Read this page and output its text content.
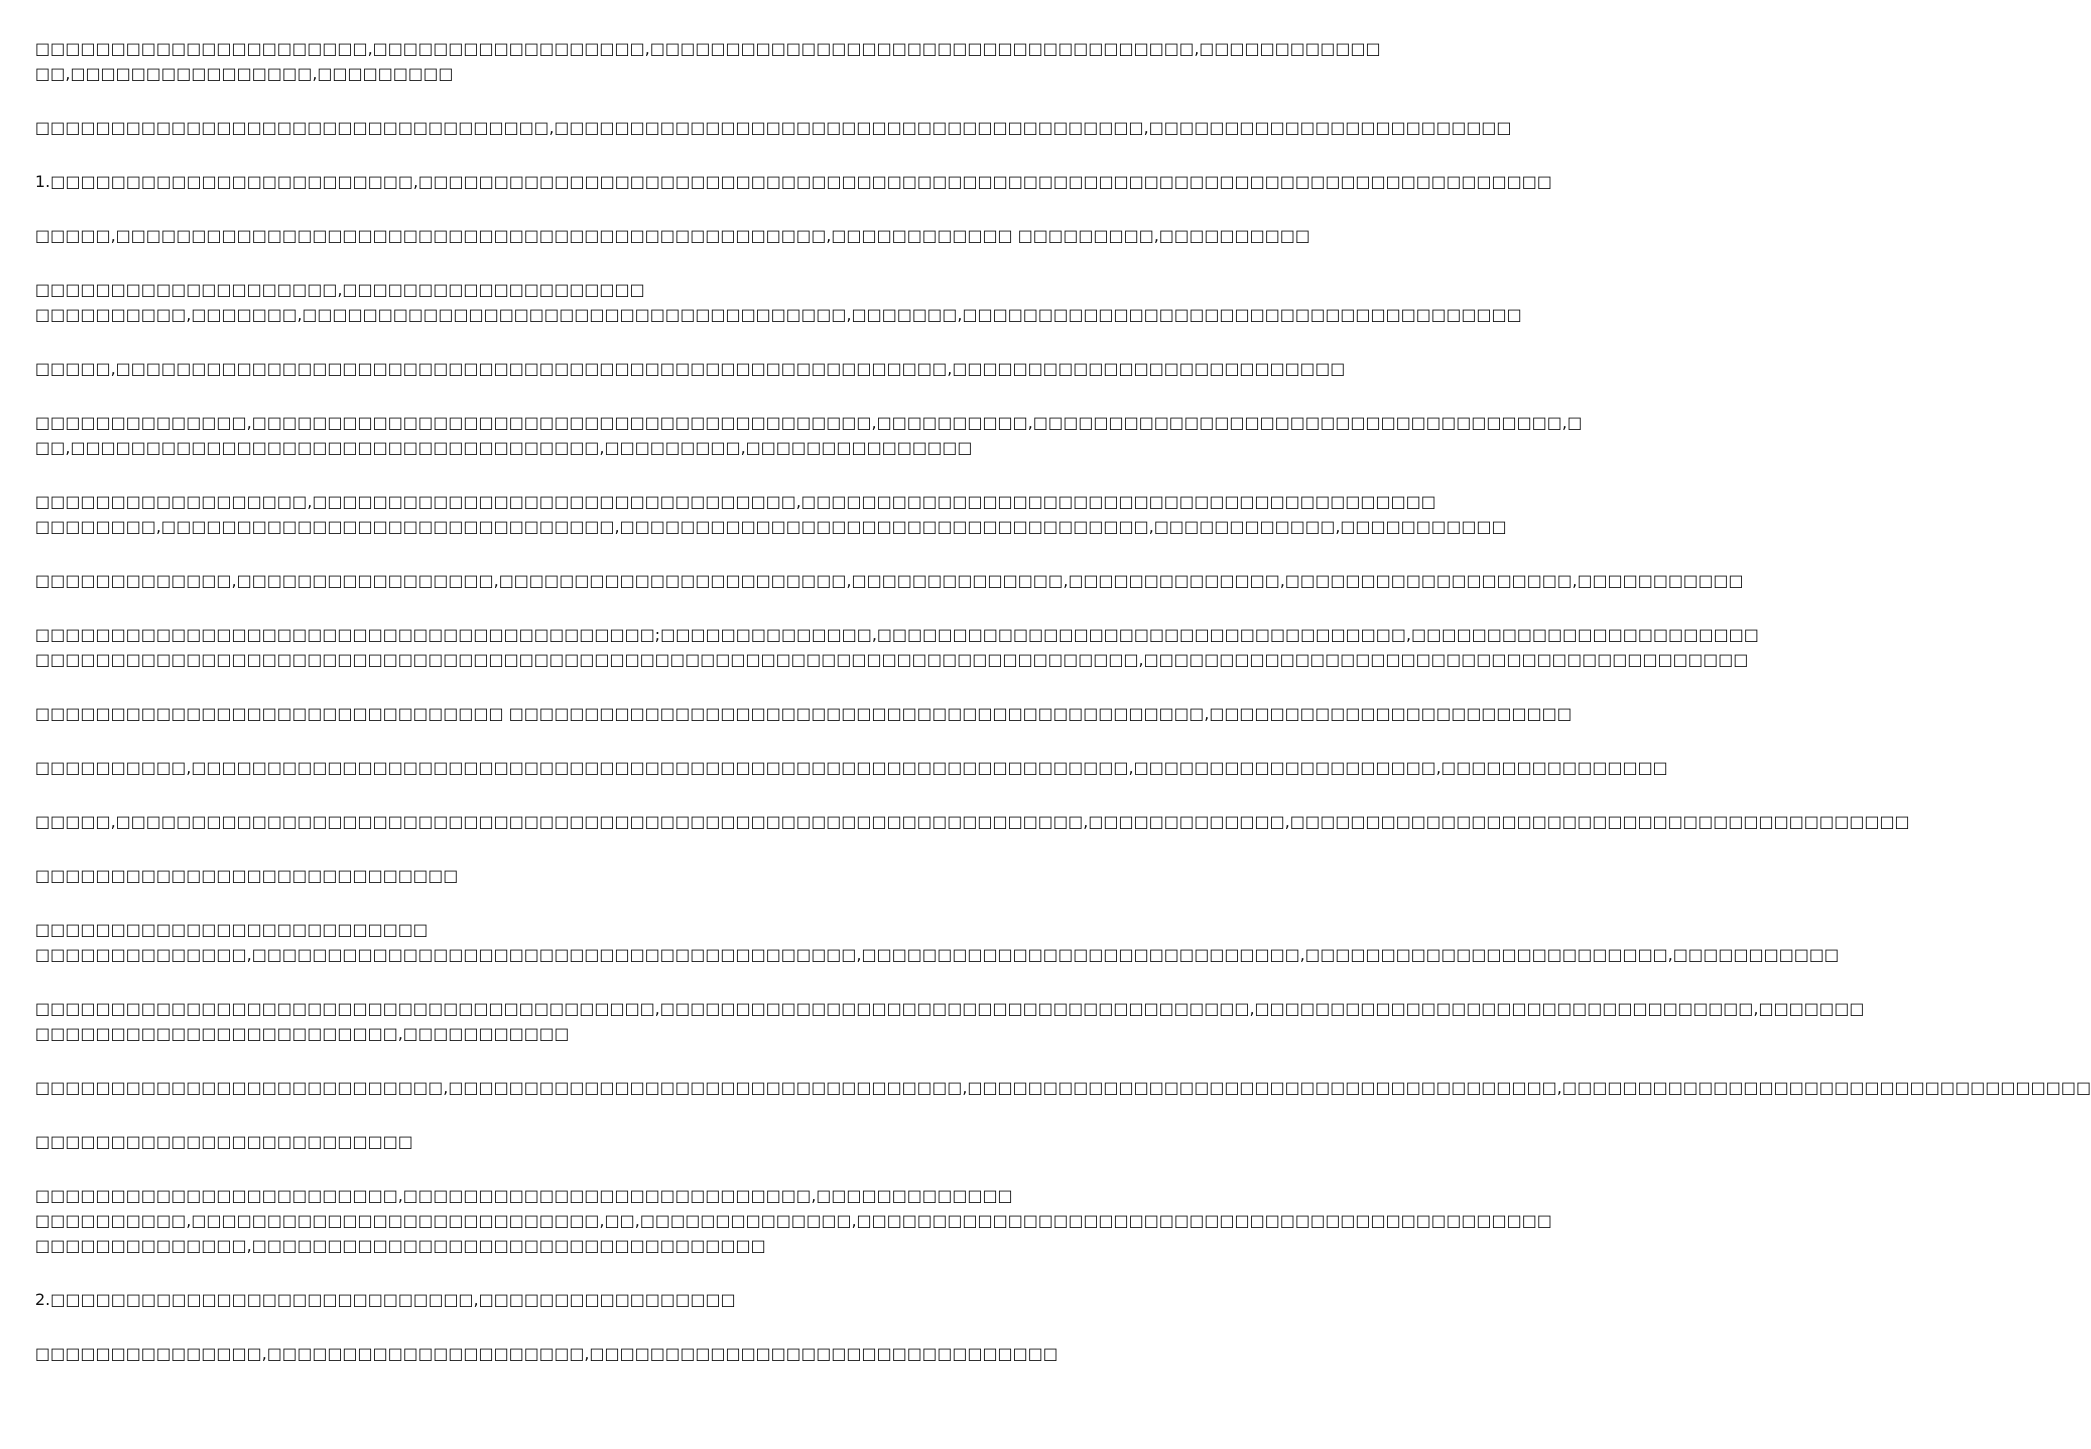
□□□□□□□□□□□□□□□□□□□□□□,□□□□□□□□□□□□□□□□□□,□□□□□□□□□□□□□□□□□□□□□□□□□□□□□□□□□□□□,□□□□□□□□□□□□
□□,□□□□□□□□□□□□□□□□,□□□□□□□□□

□□□□□□□□□□□□□□□□□□□□□□□□□□□□□□□□□□,□□□□□□□□□□□□□□□□□□□□□□□□□□□□□□□□□□□□□□□,□□□□□□□□□□□□□□□□□□□□□□□□

1.□□□□□□□□□□□□□□□□□□□□□□□□,□□□□□□□□□□□□□□□□□□□□□□□□□□□□□□□□□□□□□□□□□□□□□□□□□□□□□□□□□□□□□□□□□□□□□□□□□□□

□□□□□,□□□□□□□□□□□□□□□□□□□□□□□□□□□□□□□□□□□□□□□□□□□□□□□,□□□□□□□□□□□□ □□□□□□□□□,□□□□□□□□□□

□□□□□□□□□□□□□□□□□□□□,□□□□□□□□□□□□□□□□□□□□
□□□□□□□□□□,□□□□□□□,□□□□□□□□□□□□□□□□□□□□□□□□□□□□□□□□□□□□,□□□□□□□,□□□□□□□□□□□□□□□□□□□□□□□□□□□□□□□□□□□□□

□□□□□,□□□□□□□□□□□□□□□□□□□□□□□□□□□□□□□□□□□□□□□□□□□□□□□□□□□□□□□,□□□□□□□□□□□□□□□□□□□□□□□□□□

□□□□□□□□□□□□□□,□□□□□□□□□□□□□□□□□□□□□□□□□□□□□□□□□□□□□□□□□,□□□□□□□□□□,□□□□□□□□□□□□□□□□□□□□□□□□□□□□□□□□□□□,□
□□,□□□□□□□□□□□□□□□□□□□□□□□□□□□□□□□□□□□,□□□□□□□□□,□□□□□□□□□□□□□□□

□□□□□□□□□□□□□□□□□□,□□□□□□□□□□□□□□□□□□□□□□□□□□□□□□□□,□□□□□□□□□□□□□□□□□□□□□□□□□□□□□□□□□□□□□□□□□□
□□□□□□□□,□□□□□□□□□□□□□□□□□□□□□□□□□□□□□□,□□□□□□□□□□□□□□□□□□□□□□□□□□□□□□□□□□□,□□□□□□□□□□□□,□□□□□□□□□□□

□□□□□□□□□□□□□,□□□□□□□□□□□□□□□□□,□□□□□□□□□□□□□□□□□□□□□□□,□□□□□□□□□□□□□□,□□□□□□□□□□□□□□,□□□□□□□□□□□□□□□□□□□,□□□□□□□□□□□

□□□□□□□□□□□□□□□□□□□□□□□□□□□□□□□□□□□□□□□□□;□□□□□□□□□□□□□□,□□□□□□□□□□□□□□□□□□□□□□□□□□□□□□□□□□□,□□□□□□□□□□□□□□□□□□□□□□□
□□□□□□□□□□□□□□□□□□□□□□□□□□□□□□□□□□□□□□□□□□□□□□□□□□□□□□□□□□□□□□□□□□□□□□□□□,□□□□□□□□□□□□□□□□□□□□□□□□□□□□□□□□□□□□□□□□

□□□□□□□□□□□□□□□□□□□□□□□□□□□□□□□ □□□□□□□□□□□□□□□□□□□□□□□□□□□□□□□□□□□□□□□□□□□□□□,□□□□□□□□□□□□□□□□□□□□□□□□

□□□□□□□□□□,□□□□□□□□□□□□□□□□□□□□□□□□□□□□□□□□□□□□□□□□□□□□□□□□□□□□□□□□□□□□□□,□□□□□□□□□□□□□□□□□□□□,□□□□□□□□□□□□□□□

□□□□□,□□□□□□□□□□□□□□□□□□□□□□□□□□□□□□□□□□□□□□□□□□□□□□□□□□□□□□□□□□□□□□□□,□□□□□□□□□□□□□,□□□□□□□□□□□□□□□□□□□□□□□□□□□□□□□□□□□□□□□□□

□□□□□□□□□□□□□□□□□□□□□□□□□□□□

□□□□□□□□□□□□□□□□□□□□□□□□□□
□□□□□□□□□□□□□□,□□□□□□□□□□□□□□□□□□□□□□□□□□□□□□□□□□□□□□□□,□□□□□□□□□□□□□□□□□□□□□□□□□□□□□,□□□□□□□□□□□□□□□□□□□□□□□□,□□□□□□□□□□□

□□□□□□□□□□□□□□□□□□□□□□□□□□□□□□□□□□□□□□□□□,□□□□□□□□□□□□□□□□□□□□□□□□□□□□□□□□□□□□□□□,□□□□□□□□□□□□□□□□□□□□□□□□□□□□□□□□□,□□□□□□□
□□□□□□□□□□□□□□□□□□□□□□□□,□□□□□□□□□□□

□□□□□□□□□□□□□□□□□□□□□□□□□□□,□□□□□□□□□□□□□□□□□□□□□□□□□□□□□□□□□□,□□□□□□□□□□□□□□□□□□□□□□□□□□□□□□□□□□□□□□□,□□□□□□□□□□□□□□□□□□□□□□□□□□□□□□□□□□□

□□□□□□□□□□□□□□□□□□□□□□□□□

□□□□□□□□□□□□□□□□□□□□□□□□,□□□□□□□□□□□□□□□□□□□□□□□□□□□,□□□□□□□□□□□□□
□□□□□□□□□□,□□□□□□□□□□□□□□□□□□□□□□□□□□□,□□,□□□□□□□□□□□□□□,□□□□□□□□□□□□□□□□□□□□□□□□□□□□□□□□□□□□□□□□□□□□□□
□□□□□□□□□□□□□□,□□□□□□□□□□□□□□□□□□□□□□□□□□□□□□□□□□

2.□□□□□□□□□□□□□□□□□□□□□□□□□□□□,□□□□□□□□□□□□□□□□□

□□□□□□□□□□□□□□□,□□□□□□□□□□□□□□□□□□□□□,□□□□□□□□□□□□□□□□□□□□□□□□□□□□□□□
